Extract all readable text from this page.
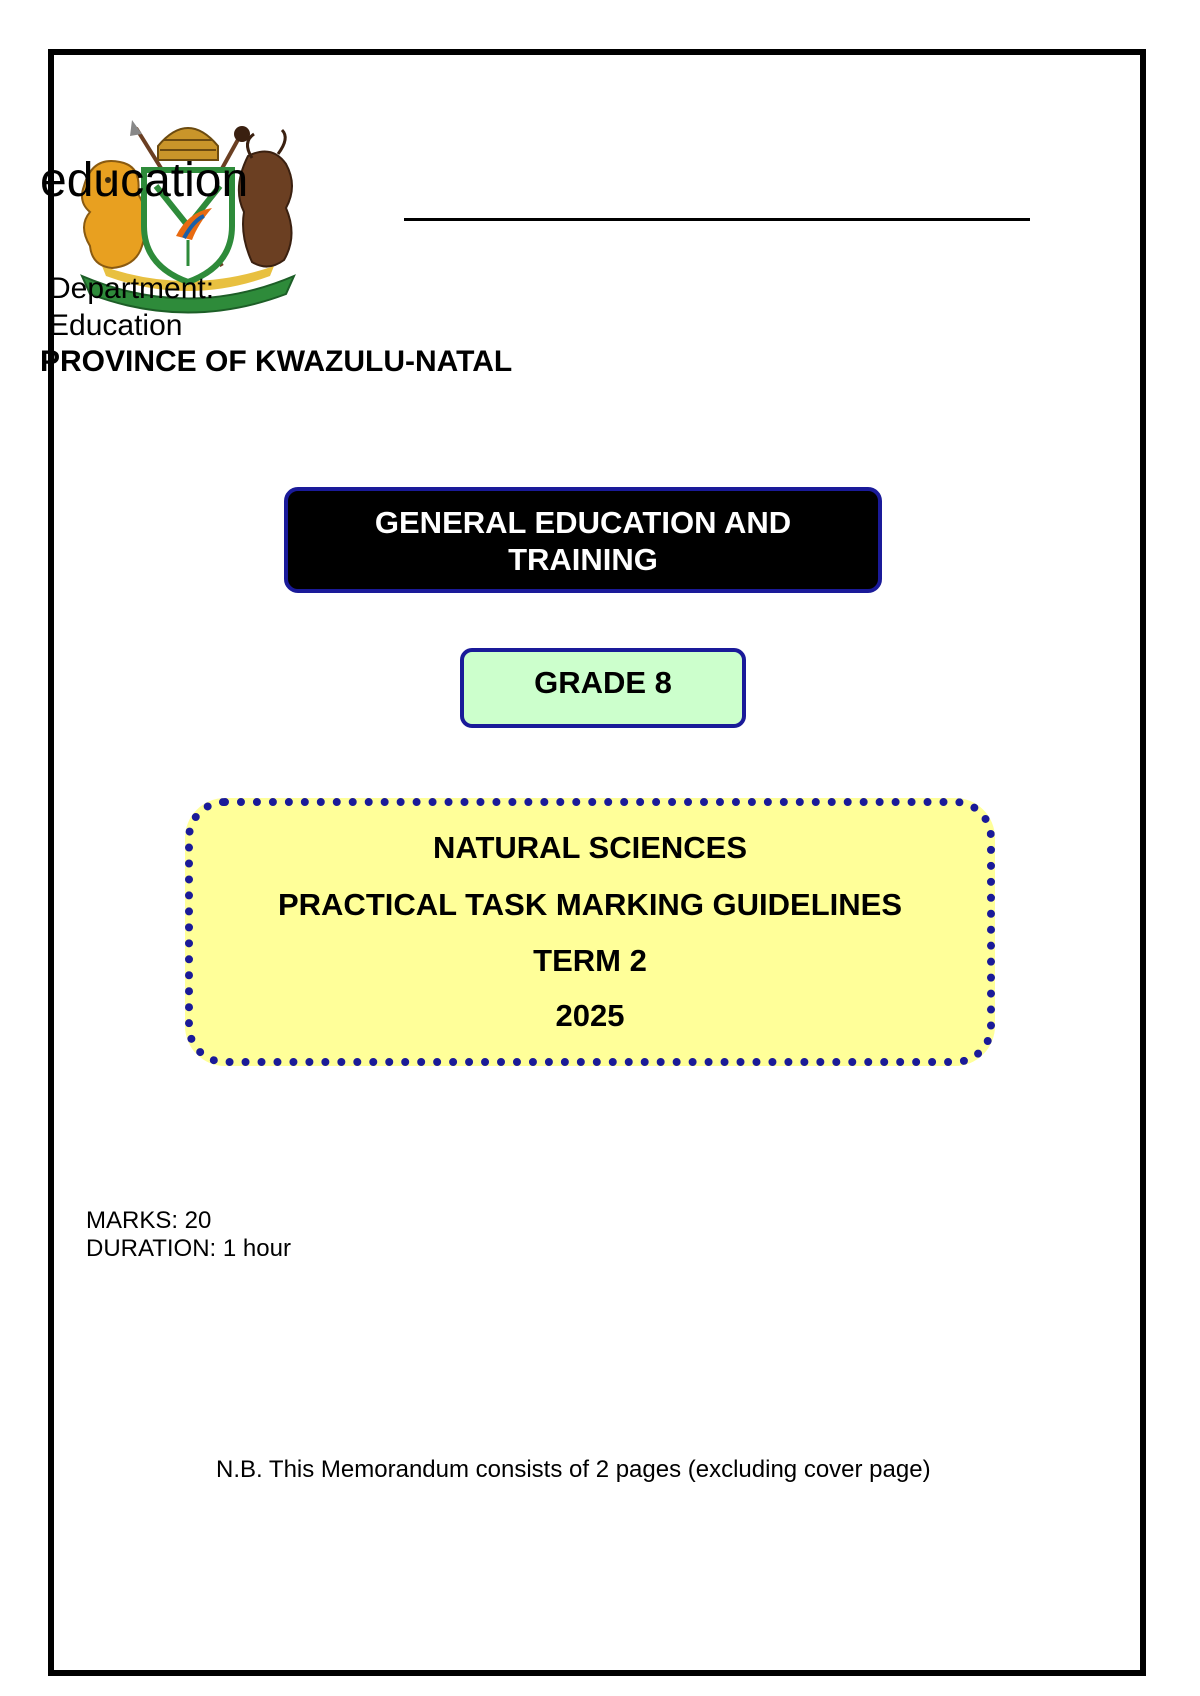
education
Department:
Education
PROVINCE OF KWAZULU-NATAL
GENERAL EDUCATION AND
TRAINING
GRADE 8
NATURAL SCIENCES
PRACTICAL TASK MARKING GUIDELINES
TERM 2
2025
MARKS: 20
DURATION: 1 hour
N.B. This Memorandum consists of 2 pages (excluding cover page)
